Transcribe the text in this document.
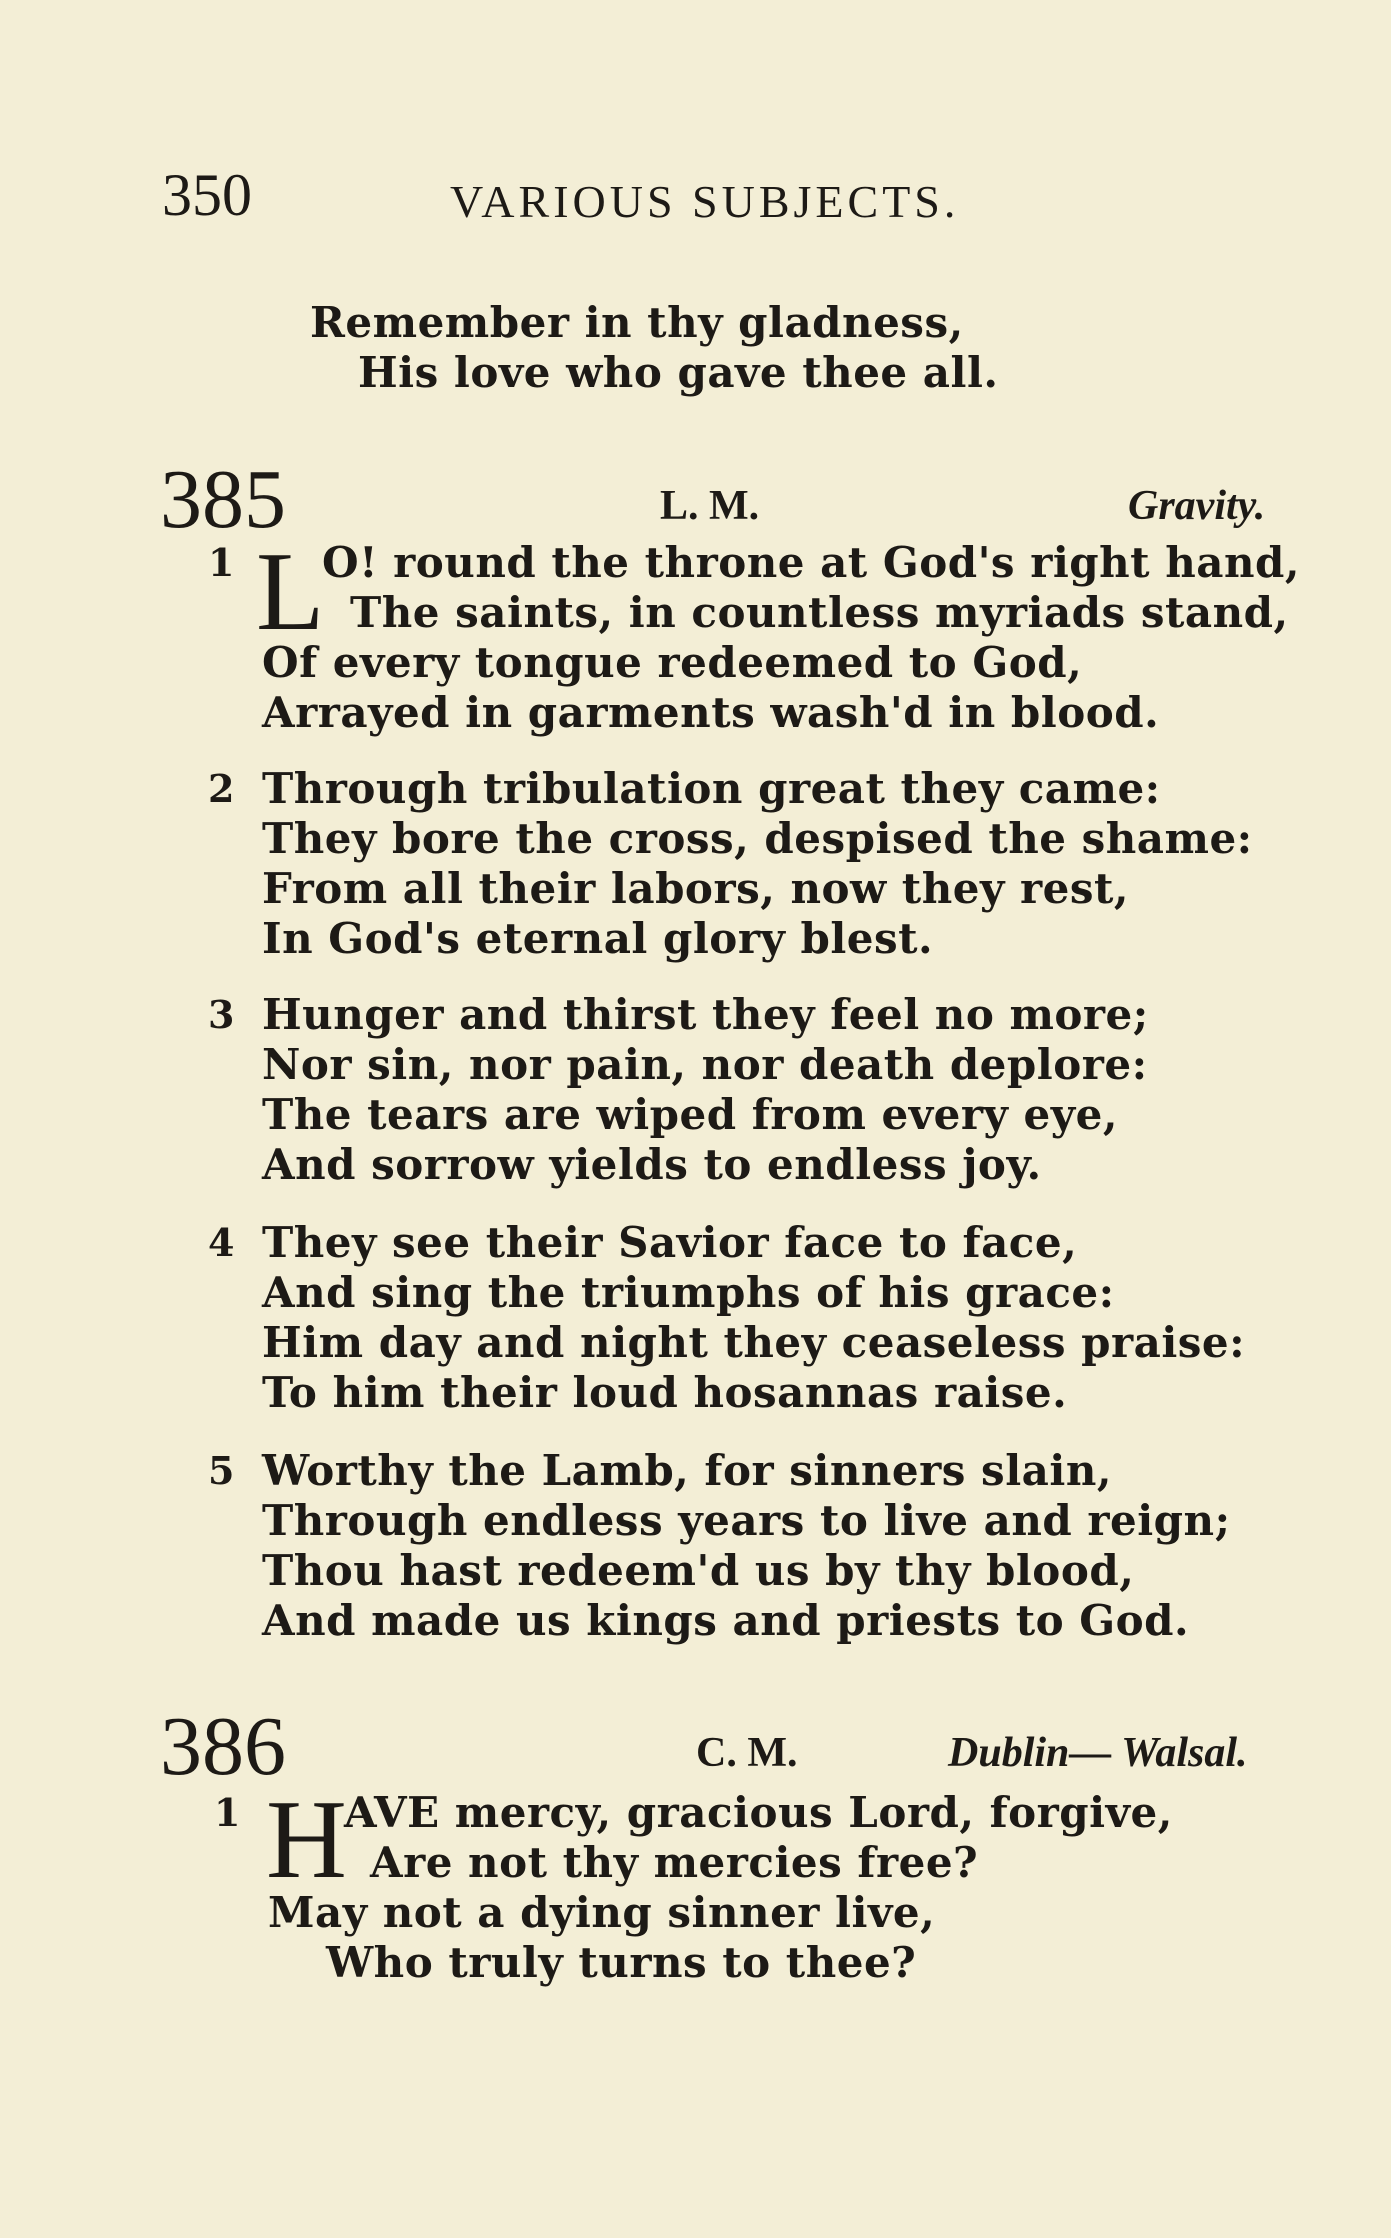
350	VARIOUS SUBJECTS.
Remember in thy gladness,
His love who gave thee all.
385	L. M.	Gravity.
1 L
O! round the throne at God's right hand,
The saints, in countless myriads stand,
Of every tongue redeemed to God,
Arrayed in garments wash'd in blood.
2 Through tribulation great they came:
They bore the cross, despised the shame:
From all their labors, now they rest,
In God's eternal glory blest.
3 Hunger and thirst they feel no more;
Nor sin, nor pain, nor death deplore:
The tears are wiped from every eye,
And sorrow yields to endless joy.
4 They see their Savior face to face,
And sing the triumphs of his grace:
Him day and night they ceaseless praise:
To him their loud hosannas raise.
5 Worthy the Lamb, for sinners slain,
Through endless years to live and reign;
Thou hast redeem'd us by thy blood,
And made us kings and priests to God.
386	C. M.	Dublin— Walsal.
1 H
AVE mercy, gracious Lord, forgive,
Are not thy mercies free?
May not a dying sinner live,
Who truly turns to thee?
